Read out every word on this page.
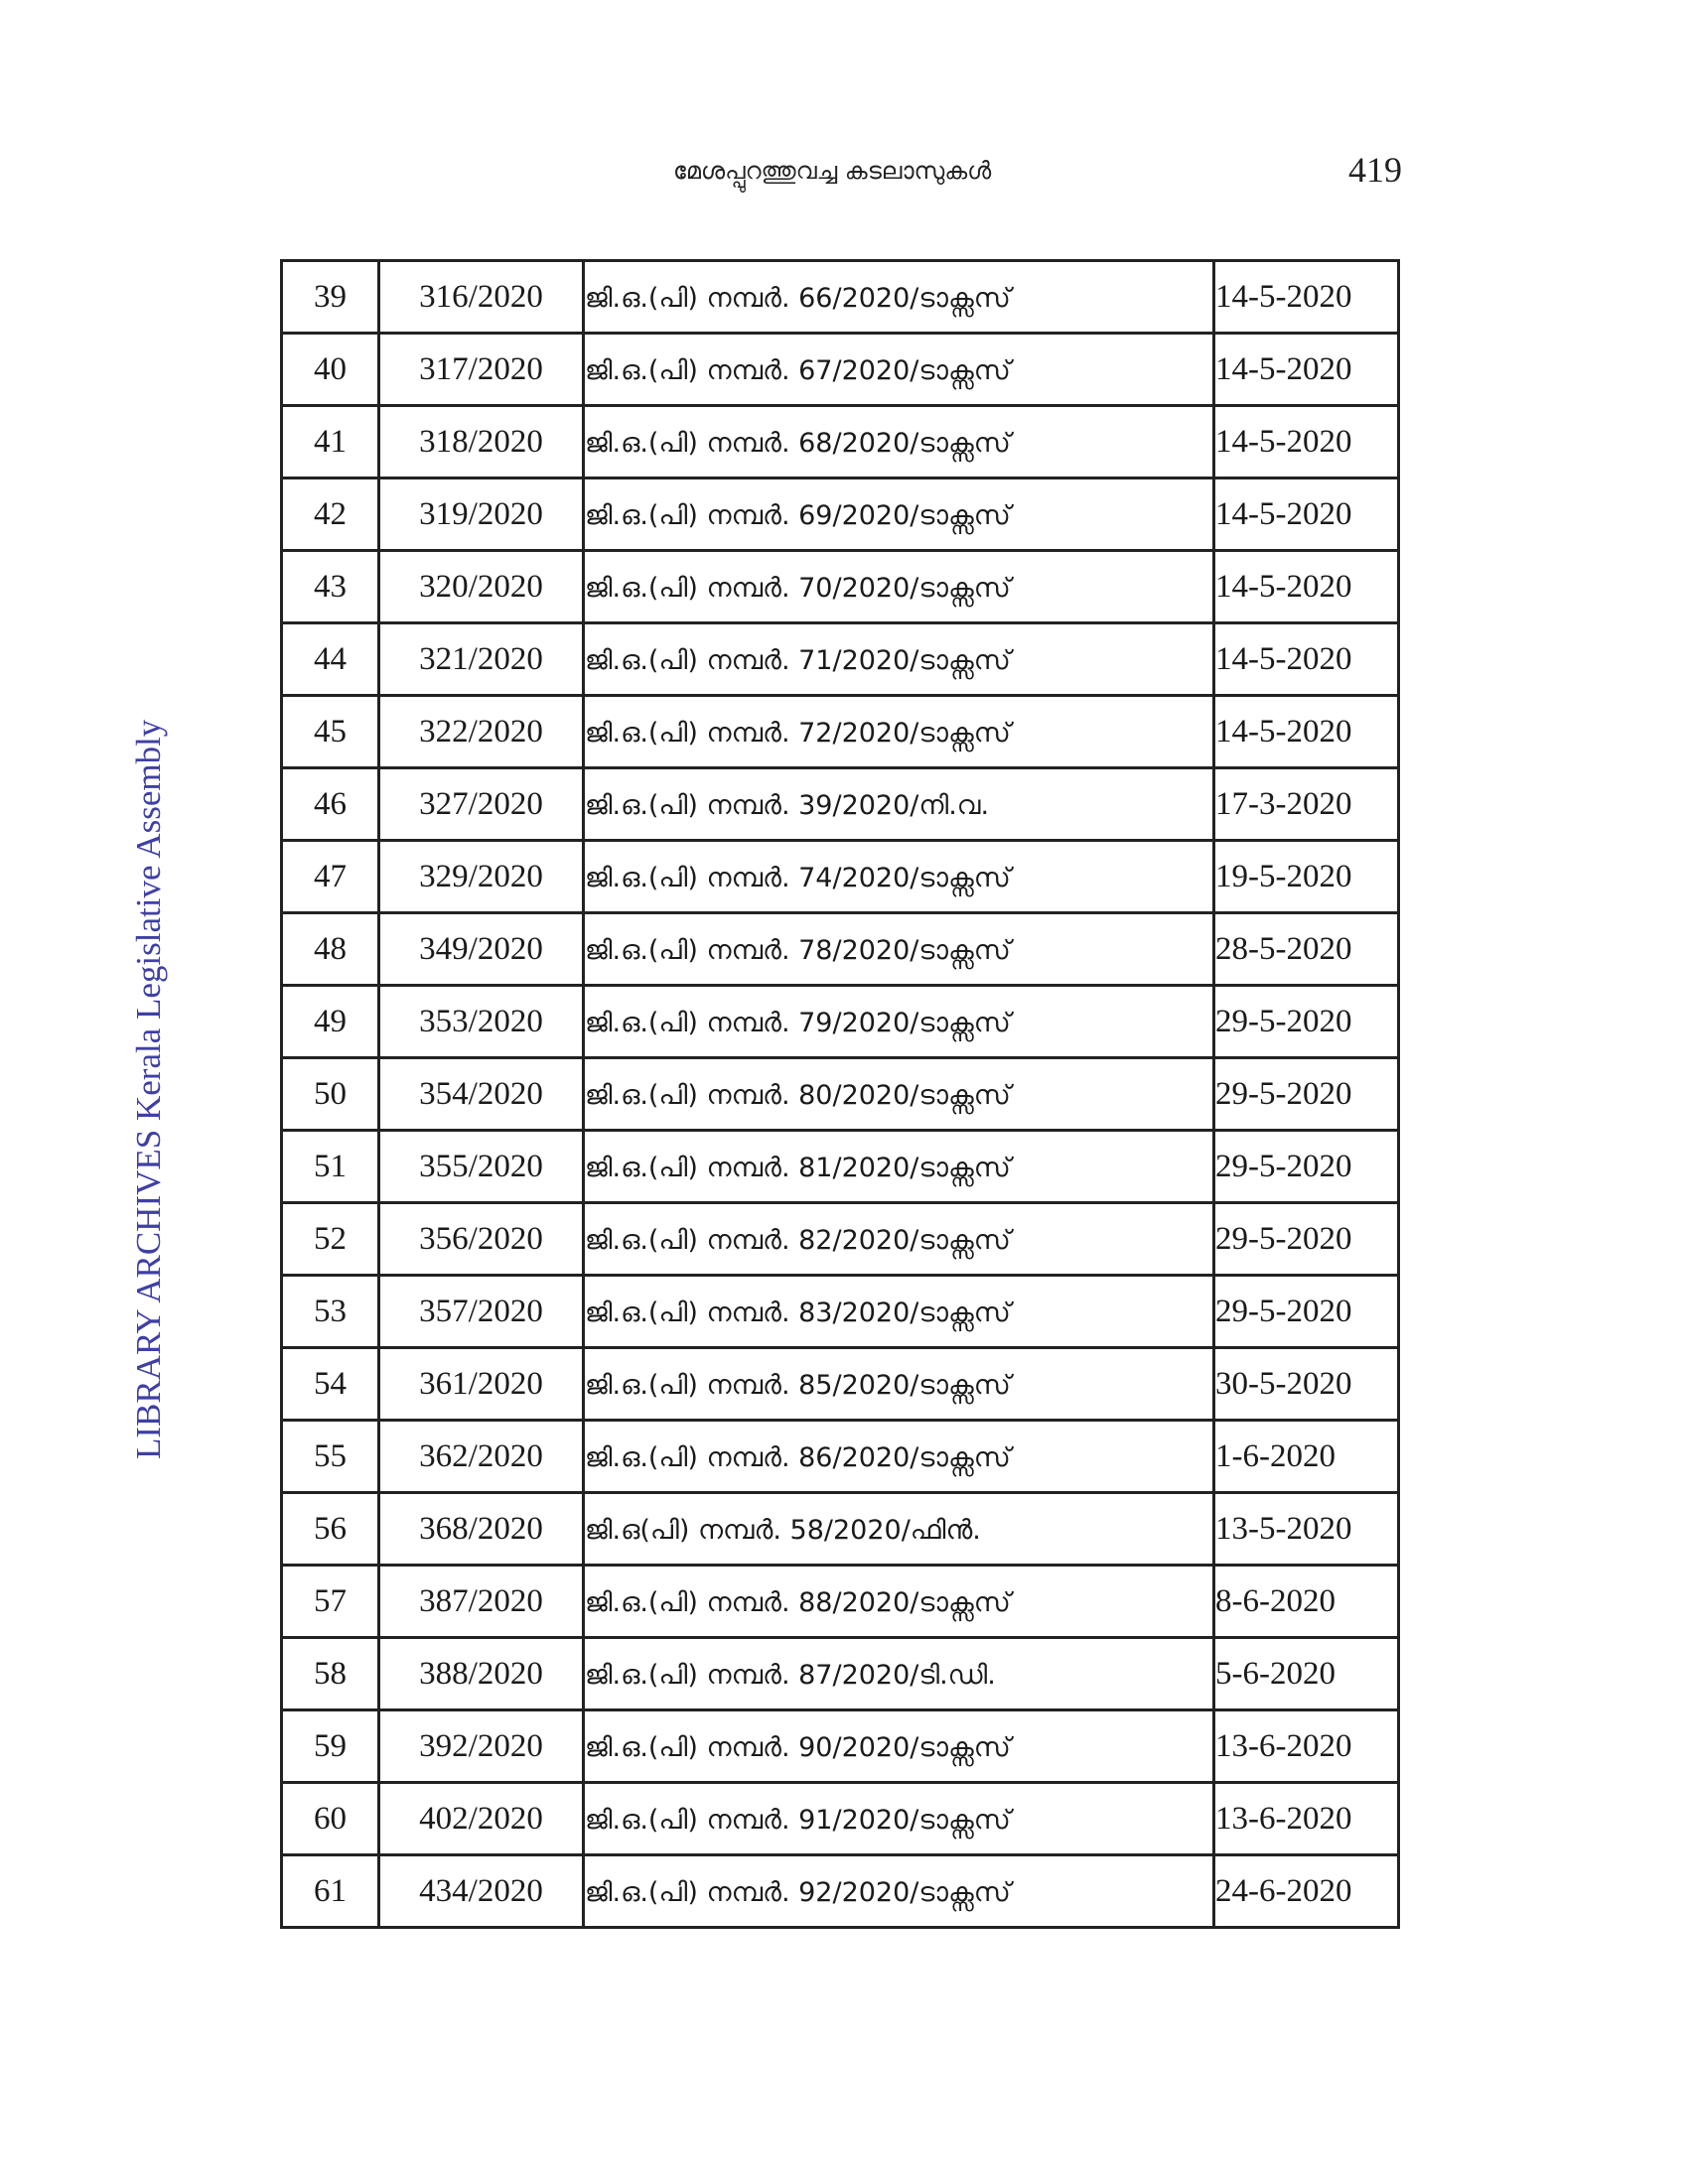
മേശപ്പുറത്തുവച്ച കടലാസുകൾ	419
LIBRARY ARCHIVES Kerala Legislative Assembly
39	316/2020	ജി.ഒ.(പി) നമ്പർ. 66/2020/ടാക്സസ്	14-5-2020
40	317/2020	ജി.ഒ.(പി) നമ്പർ. 67/2020/ടാക്സസ്	14-5-2020
41	318/2020	ജി.ഒ.(പി) നമ്പർ. 68/2020/ടാക്സസ്	14-5-2020
42	319/2020	ജി.ഒ.(പി) നമ്പർ. 69/2020/ടാക്സസ്	14-5-2020
43	320/2020	ജി.ഒ.(പി) നമ്പർ. 70/2020/ടാക്സസ്	14-5-2020
44	321/2020	ജി.ഒ.(പി) നമ്പർ. 71/2020/ടാക്സസ്	14-5-2020
45	322/2020	ജി.ഒ.(പി) നമ്പർ. 72/2020/ടാക്സസ്	14-5-2020
46	327/2020	ജി.ഒ.(പി) നമ്പർ. 39/2020/നി.വ.	17-3-2020
47	329/2020	ജി.ഒ.(പി) നമ്പർ. 74/2020/ടാക്സസ്	19-5-2020
48	349/2020	ജി.ഒ.(പി) നമ്പർ. 78/2020/ടാക്സസ്	28-5-2020
49	353/2020	ജി.ഒ.(പി) നമ്പർ. 79/2020/ടാക്സസ്	29-5-2020
50	354/2020	ജി.ഒ.(പി) നമ്പർ. 80/2020/ടാക്സസ്	29-5-2020
51	355/2020	ജി.ഒ.(പി) നമ്പർ. 81/2020/ടാക്സസ്	29-5-2020
52	356/2020	ജി.ഒ.(പി) നമ്പർ. 82/2020/ടാക്സസ്	29-5-2020
53	357/2020	ജി.ഒ.(പി) നമ്പർ. 83/2020/ടാക്സസ്	29-5-2020
54	361/2020	ജി.ഒ.(പി) നമ്പർ. 85/2020/ടാക്സസ്	30-5-2020
55	362/2020	ജി.ഒ.(പി) നമ്പർ. 86/2020/ടാക്സസ്	1-6-2020
56	368/2020	ജി.ഒ(പി) നമ്പർ. 58/2020/ഫിൻ.	13-5-2020
57	387/2020	ജി.ഒ.(പി) നമ്പർ. 88/2020/ടാക്സസ്	8-6-2020
58	388/2020	ജി.ഒ.(പി) നമ്പർ. 87/2020/ടി.ഡി.	5-6-2020
59	392/2020	ജി.ഒ.(പി) നമ്പർ. 90/2020/ടാക്സസ്	13-6-2020
60	402/2020	ജി.ഒ.(പി) നമ്പർ. 91/2020/ടാക്സസ്	13-6-2020
61	434/2020	ജി.ഒ.(പി) നമ്പർ. 92/2020/ടാക്സസ്	24-6-2020
